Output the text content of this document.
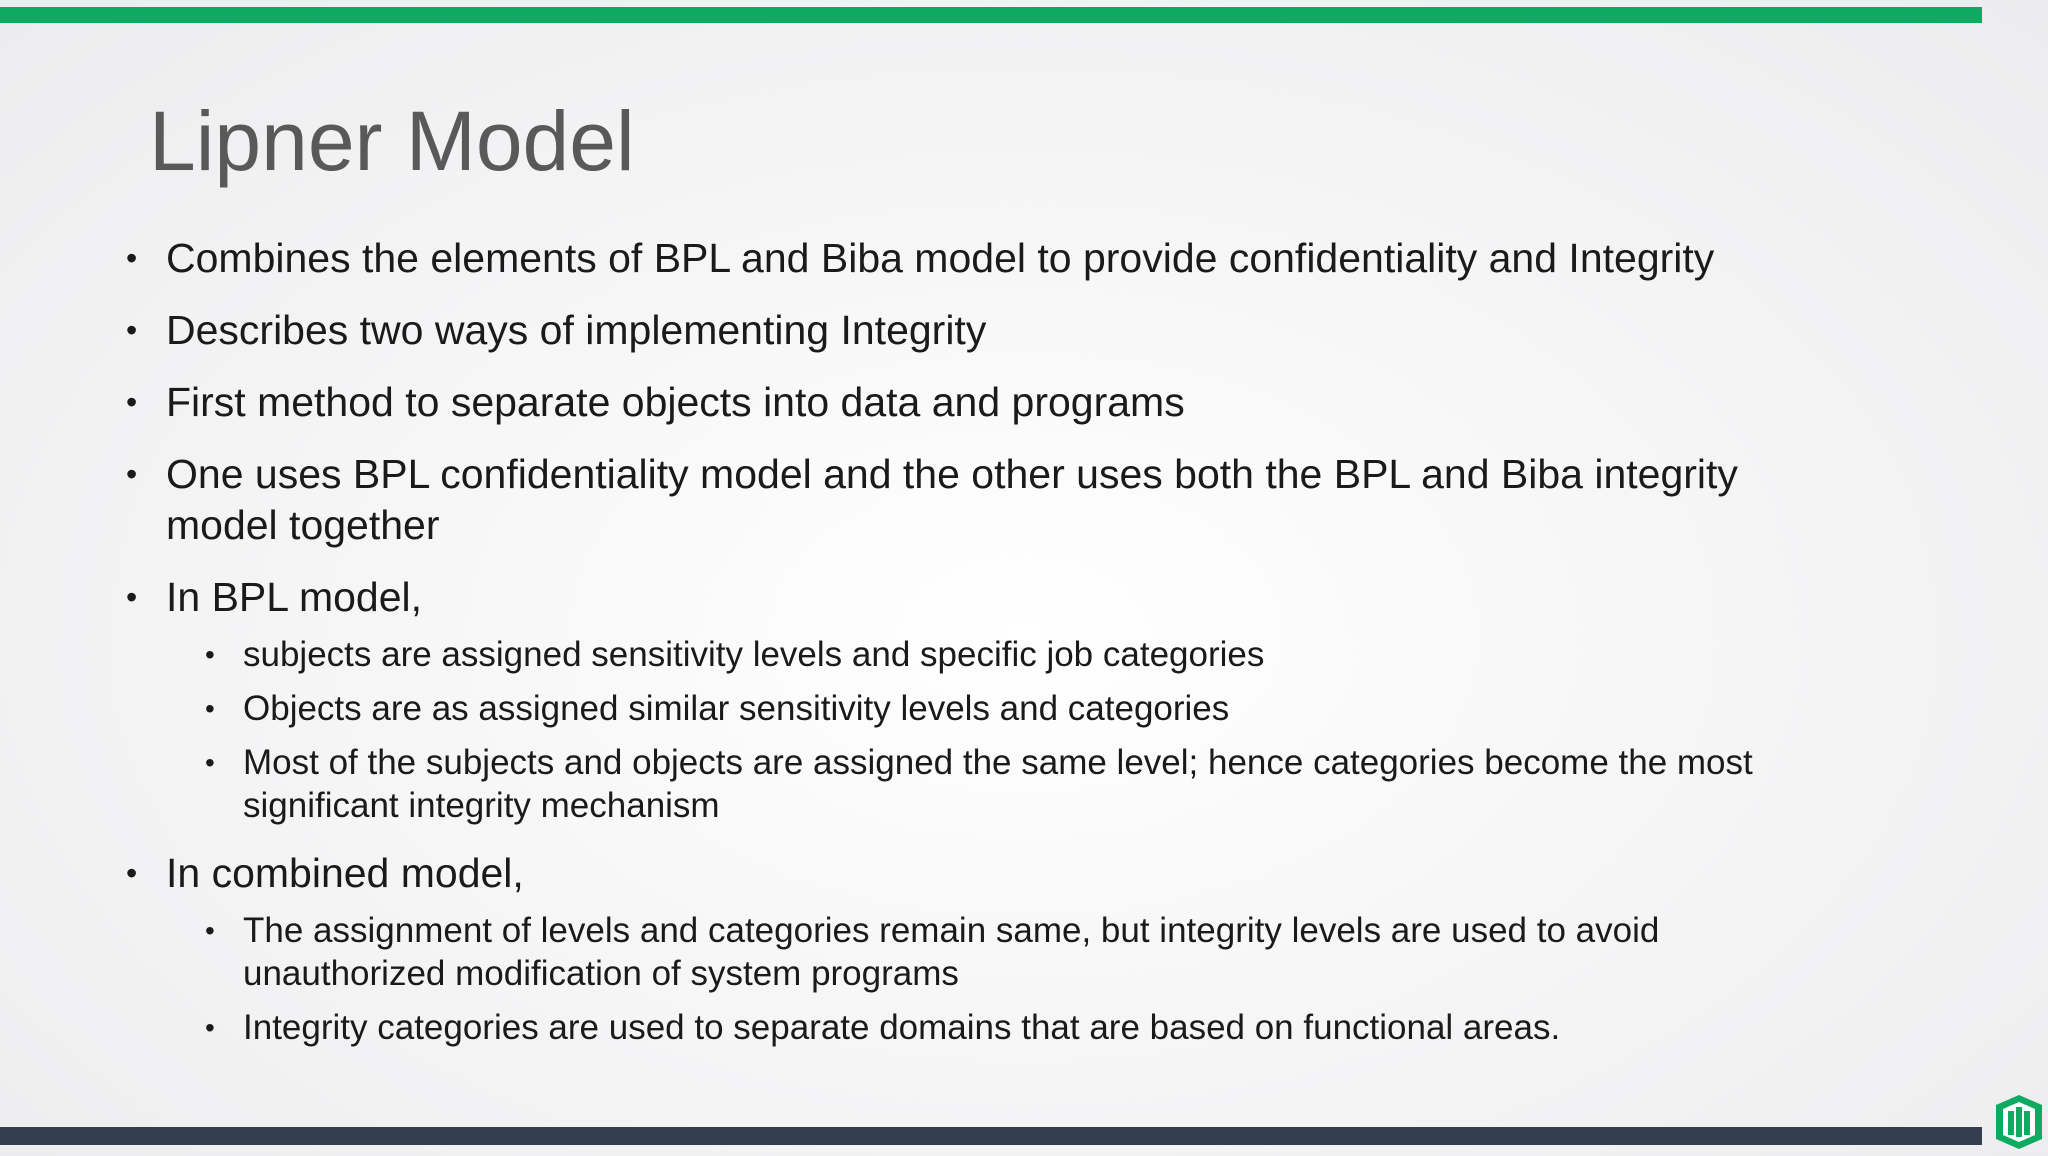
Lipner Model
• Combines the elements of BPL and Biba model to provide confidentiality and Integrity
• Describes two ways of implementing Integrity
• First method to separate objects into data and programs
• One uses BPL confidentiality model and the other uses both the BPL and Biba integrity model together
• In BPL model,
• subjects are assigned sensitivity levels and specific job categories
• Objects are as assigned similar sensitivity levels and categories
• Most of the subjects and objects are assigned the same level; hence categories become the most significant integrity mechanism
• In combined model,
• The assignment of levels and categories remain same, but integrity levels are used to avoid unauthorized modification of system programs
• Integrity categories are used to separate domains that are based on functional areas.
